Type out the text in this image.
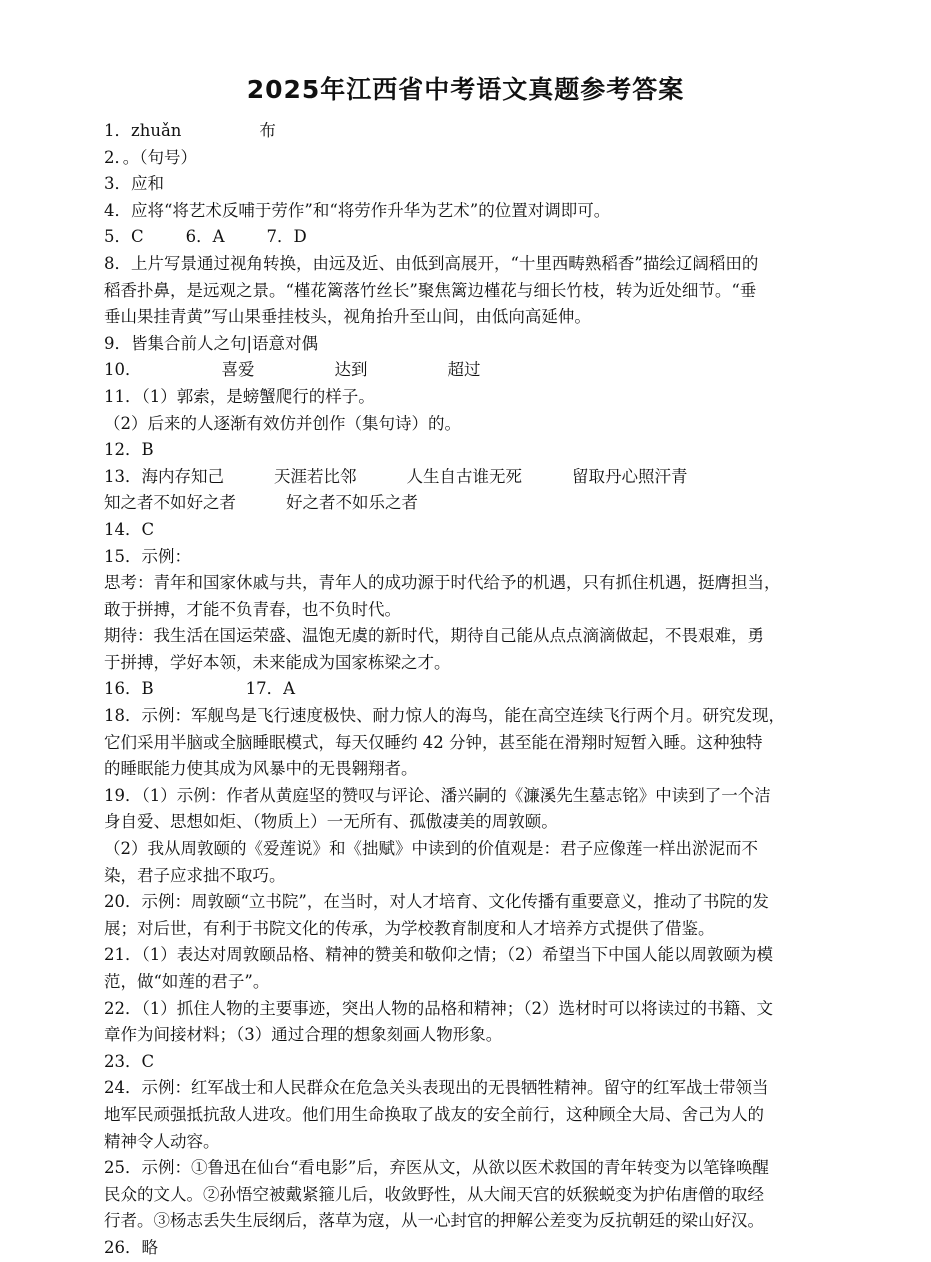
2025年江西省中考语文真题参考答案

1．zhuǎn	布

2．。（句号）

3．应和

4．应将“将艺术反哺于劳作”和“将劳作升华为艺术”的位置对调即可。

5．C	6．A	7．D

8．上片写景通过视角转换，由远及近、由低到高展开，“十里西畴熟稻香”描绘辽阔稻田的

稻香扑鼻，是远观之景。“槿花篱落竹丝长”聚焦篱边槿花与细长竹枝，转为近处细节。“垂

垂山果挂青黄”写山果垂挂枝头，视角抬升至山间，由低向高延伸。

9．皆集合前人之句|语意对偶

10．	喜爱	达到	超过

11．（1）郭索，是螃蟹爬行的样子。

（2）后来的人逐渐有效仿并创作（集句诗）的。

12．B

13．海内存知己	天涯若比邻	人生自古谁无死	留取丹心照汗青

知之者不如好之者	好之者不如乐之者

14．C

15．示例：

思考：青年和国家休戚与共，青年人的成功源于时代给予的机遇，只有抓住机遇，挺膺担当，

敢于拼搏，才能不负青春，也不负时代。

期待：我生活在国运荣盛、温饱无虞的新时代，期待自己能从点点滴滴做起，不畏艰难，勇

于拼搏，学好本领，未来能成为国家栋梁之才。

16．B	17．A

18．示例：军舰鸟是飞行速度极快、耐力惊人的海鸟，能在高空连续飞行两个月。研究发现，

它们采用半脑或全脑睡眠模式，每天仅睡约 42 分钟，甚至能在滑翔时短暂入睡。这种独特

的睡眠能力使其成为风暴中的无畏翱翔者。

19．（1）示例：作者从黄庭坚的赞叹与评论、潘兴嗣的《濂溪先生墓志铭》中读到了一个洁

身自爱、思想如炬、（物质上）一无所有、孤傲凄美的周敦颐。

（2）我从周敦颐的《爱莲说》和《拙赋》中读到的价值观是：君子应像莲一样出淤泥而不

染，君子应求拙不取巧。

20．示例：周敦颐“立书院”，在当时，对人才培育、文化传播有重要意义，推动了书院的发

展；对后世，有利于书院文化的传承，为学校教育制度和人才培养方式提供了借鉴。

21．（1）表达对周敦颐品格、精神的赞美和敬仰之情；（2）希望当下中国人能以周敦颐为模

范，做“如莲的君子”。

22．（1）抓住人物的主要事迹，突出人物的品格和精神；（2）选材时可以将读过的书籍、文

章作为间接材料；（3）通过合理的想象刻画人物形象。

23．C

24．示例：红军战士和人民群众在危急关头表现出的无畏牺牲精神。留守的红军战士带领当

地军民顽强抵抗敌人进攻。他们用生命换取了战友的安全前行，这种顾全大局、舍己为人的

精神令人动容。

25．示例：①鲁迅在仙台“看电影”后，弃医从文，从欲以医术救国的青年转变为以笔锋唤醒

民众的文人。②孙悟空被戴紧箍儿后，收敛野性，从大闹天宫的妖猴蜕变为护佑唐僧的取经

行者。③杨志丢失生辰纲后，落草为寇，从一心封官的押解公差变为反抗朝廷的梁山好汉。

26．略
